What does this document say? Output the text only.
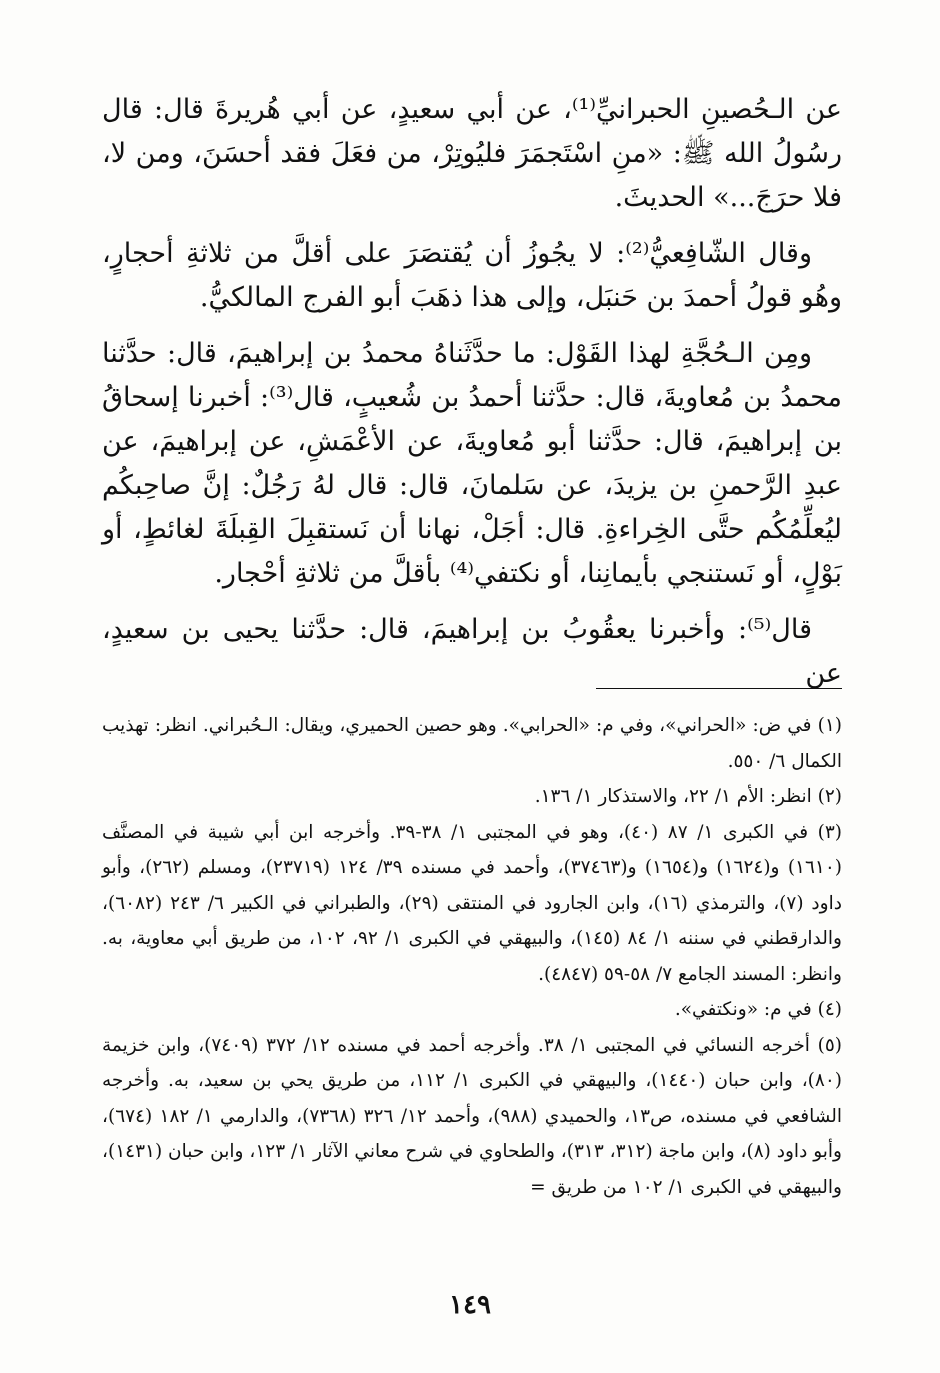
عن الـحُصينِ الحبرانيِّ⁽¹⁾، عن أبي سعيدٍ، عن أبي هُريرةَ قال: قال رسُولُ الله ﷺ: «منِ اسْتَجمَرَ فليُوتِرْ، من فعَلَ فقد أحسَنَ، ومن لا، فلا حرَجَ...» الحديثَ.

وقال الشّافِعيُّ⁽²⁾: لا يجُوزُ أن يُقتصَرَ على أقلَّ من ثلاثةِ أحجارٍ، وهُو قولُ أحمدَ بن حَنبَل، وإلى هذا ذهَبَ أبو الفرج المالكيُّ.

ومِن الـحُجَّةِ لهذا القَوْل: ما حدَّثَناهُ محمدُ بن إبراهيمَ، قال: حدَّثنا محمدُ بن مُعاويةَ، قال: حدَّثنا أحمدُ بن شُعيبٍ، قال⁽³⁾: أخبرنا إسحاقُ بن إبراهيمَ، قال: حدَّثنا أبو مُعاويةَ، عن الأعْمَشِ، عن إبراهيمَ، عن عبدِ الرَّحمنِ بن يزيدَ، عن سَلمانَ، قال: قال لهُ رَجُلٌ: إنَّ صاحِبكُم ليُعلِّمُكُم حتَّى الخِراءةِ. قال: أجَلْ، نهانا أن نَستقبِلَ القِبلَةَ لغائطٍ، أو بَوْلٍ، أو نَستنجي بأيمانِنا، أو نكتفي⁽⁴⁾ بأقلَّ من ثلاثةِ أحْجار.

قال⁽⁵⁾: وأخبرنا يعقُوبُ بن إبراهيمَ، قال: حدَّثنا يحيى بن سعيدٍ، عن

(١) في ض: «الحراني»، وفي م: «الحرابي». وهو حصين الحميري، ويقال: الـحُبراني. انظر: تهذيب الكمال ٦/ ٥٥٠.

(٢) انظر: الأم ١/ ٢٢، والاستذكار ١/ ١٣٦.

(٣) في الكبرى ١/ ٨٧ (٤٠)، وهو في المجتبى ١/ ٣٨-٣٩. وأخرجه ابن أبي شيبة في المصنَّف (١٦١٠) و(١٦٢٤) و(١٦٥٤) و(٣٧٤٦٣)، وأحمد في مسنده ٣٩/ ١٢٤ (٢٣٧١٩)، ومسلم (٢٦٢)، وأبو داود (٧)، والترمذي (١٦)، وابن الجارود في المنتقى (٢٩)، والطبراني في الكبير ٦/ ٢٤٣ (٦٠٨٢)، والدارقطني في سننه ١/ ٨٤ (١٤٥)، والبيهقي في الكبرى ١/ ٩٢، ١٠٢، من طريق أبي معاوية، به. وانظر: المسند الجامع ٧/ ٥٨-٥٩ (٤٨٤٧).

(٤) في م: «ونكتفي».

(٥) أخرجه النسائي في المجتبى ١/ ٣٨. وأخرجه أحمد في مسنده ١٢/ ٣٧٢ (٧٤٠٩)، وابن خزيمة (٨٠)، وابن حبان (١٤٤٠)، والبيهقي في الكبرى ١/ ١١٢، من طريق يحي بن سعيد، به. وأخرجه الشافعي في مسنده، ص١٣، والحميدي (٩٨٨)، وأحمد ١٢/ ٣٢٦ (٧٣٦٨)، والدارمي ١/ ١٨٢ (٦٧٤)، وأبو داود (٨)، وابن ماجة (٣١٢، ٣١٣)، والطحاوي في شرح معاني الآثار ١/ ١٢٣، وابن حبان (١٤٣١)، والبيهقي في الكبرى ١/ ١٠٢ من طريق =

١٤٩
